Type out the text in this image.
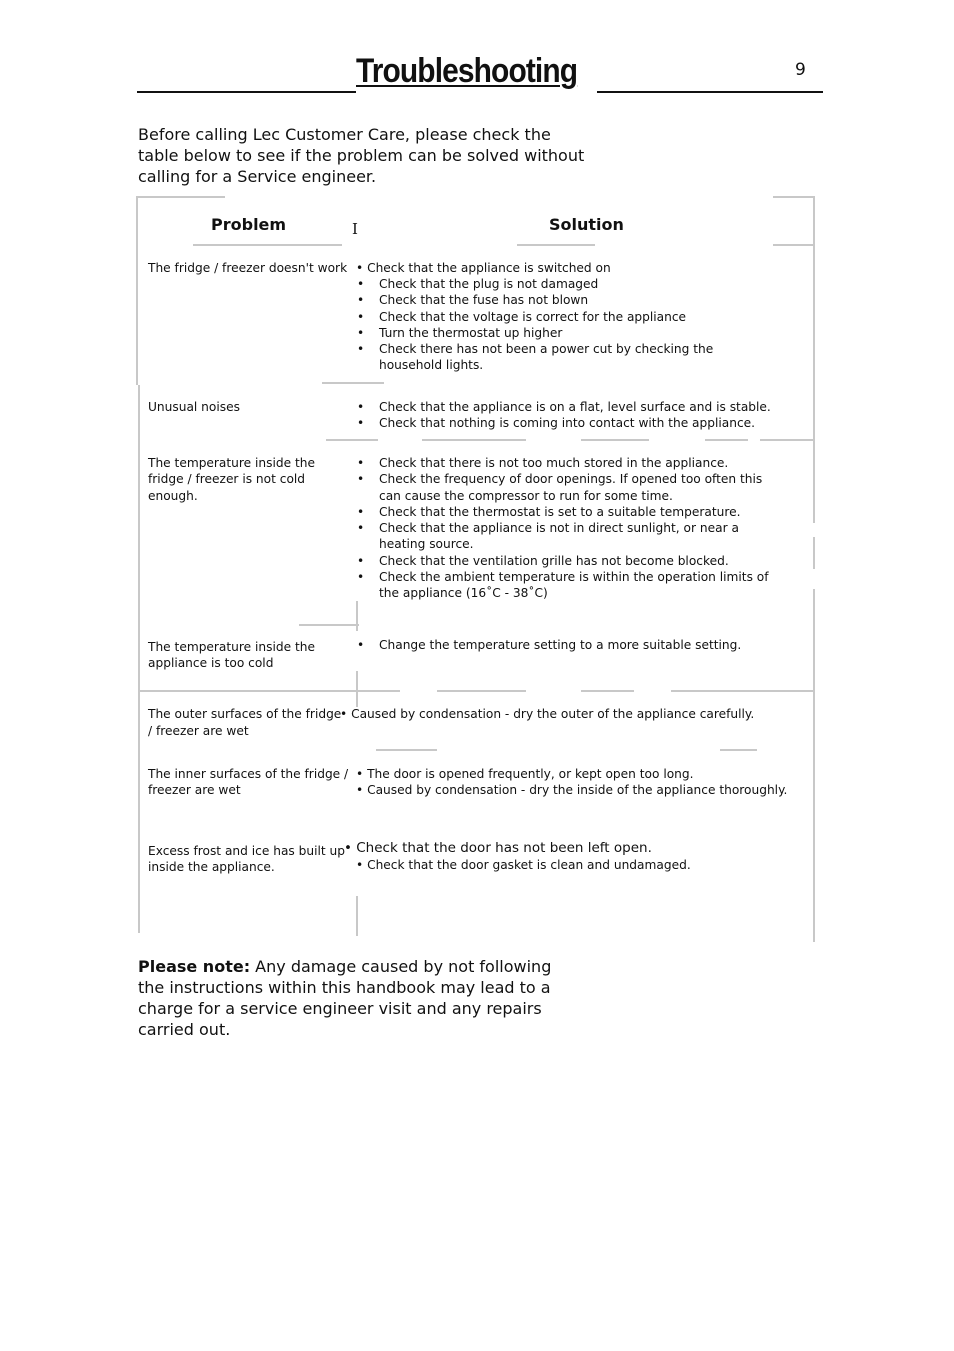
Troubleshooting	9
Before calling Lec Customer Care, please check the table below to see if the problem can be solved without calling for a Service engineer.
Problem	Solution
I
The fridge / freezer doesn't work • Check that the appliance is switched on
• Check that the plug is not damaged
• Check that the fuse has not blown
• Check that the voltage is correct for the appliance
• Turn the thermostat up higher
• Check there has not been a power cut by checking the household lights.
Unusual noises
•	Check that the appliance is on a flat, level surface and is stable.
• Check that nothing is coming into contact with the appliance.
The temperature inside the fridge / freezer is not cold enough.
• Check that there is not too much stored in the appliance.
• Check the frequency of door openings. If opened too often this can cause the compressor to run for some time.
• Check that the thermostat is set to a suitable temperature.
• Check that the appliance is not in direct sunlight, or near a heating source.
• Check that the ventilation grille has not become blocked.
• Check the ambient temperature is within the operation limits of the appliance (16˚C - 38˚C)
The temperature inside the appliance is too cold
• Change the temperature setting to a more suitable setting.
The outer surfaces of the fridge
• Caused by condensation - dry the outer of the appliance carefully.
/ freezer are wet
The inner surfaces of the fridge / • The door is opened frequently, or kept open too long.
freezer are wet	• Caused by condensation - dry the inside of the appliance thoroughly.
Excess frost and ice has built up • Check that the door has not been left open.
inside the appliance.	• Check that the door gasket is clean and undamaged.
Please note: Any damage caused by not following the instructions within this handbook may lead to a charge for a service engineer visit and any repairs carried out.
